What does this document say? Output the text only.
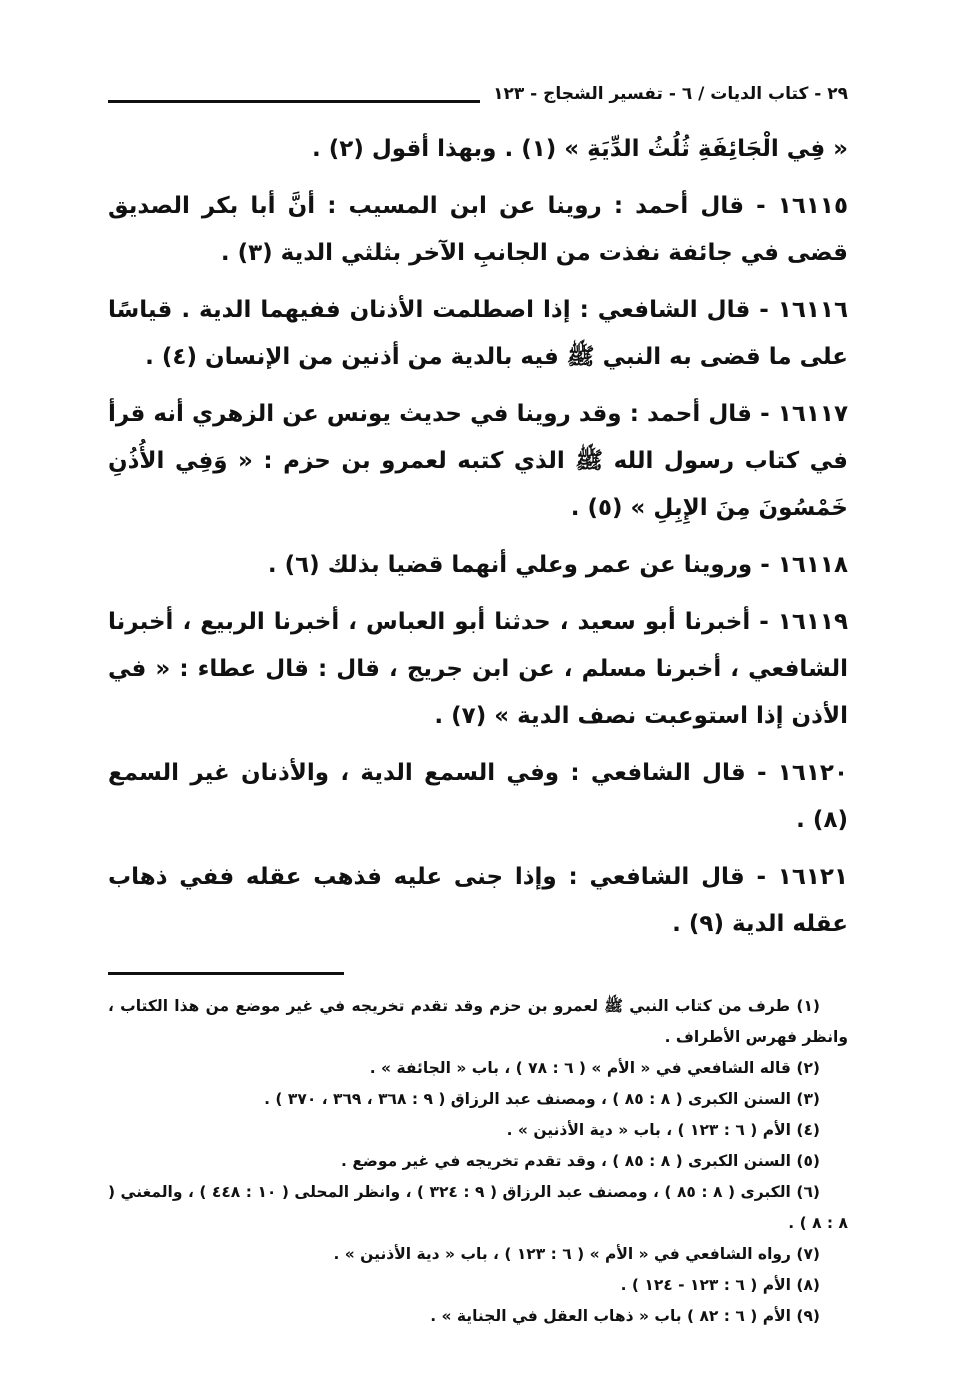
٢٩ - كتاب الديات / ٦ - تفسير الشجاج - ١٢٣

« فِي الْجَائِفَةِ ثُلُثُ الدِّيَةِ » (١) . وبهذا أقول (٢) .

١٦١١٥ - قال أحمد : روينا عن ابن المسيب : أنَّ أبا بكر الصديق قضى في جائفة نفذت من الجانبِ الآخر بثلثي الدية (٣) .

١٦١١٦ - قال الشافعي : إذا اصطلمت الأذنان ففيهما الدية . قياسًا على ما قضى به النبي ﷺ فيه بالدية من أذنين من الإنسان (٤) .

١٦١١٧ - قال أحمد : وقد روينا في حديث يونس عن الزهري أنه قرأ في كتاب رسول الله ﷺ الذي كتبه لعمرو بن حزم : « وَفِي الأُذُنِ خَمْسُونَ مِنَ الإِبِلِ » (٥) .

١٦١١٨ - وروينا عن عمر وعلي أنهما قضيا بذلك (٦) .

١٦١١٩ - أخبرنا أبو سعيد ، حدثنا أبو العباس ، أخبرنا الربيع ، أخبرنا الشافعي ، أخبرنا مسلم ، عن ابن جريج ، قال : قال عطاء : « في الأذن إذا استوعبت نصف الدية » (٧) .

١٦١٢٠ - قال الشافعي : وفي السمع الدية ، والأذنان غير السمع (٨) .

١٦١٢١ - قال الشافعي : وإذا جنى عليه فذهب عقله ففي ذهاب عقله الدية (٩) .

(١) طرف من كتاب النبي ﷺ لعمرو بن حزم وقد تقدم تخريجه في غير موضع من هذا الكتاب ، وانظر فهرس الأطراف .
(٢) قاله الشافعي في « الأم » ( ٦ : ٧٨ ) ، باب « الجائفة » .
(٣) السنن الكبرى ( ٨ : ٨٥ ) ، ومصنف عبد الرزاق ( ٩ : ٣٦٨ ، ٣٦٩ ، ٣٧٠ ) .
(٤) الأم ( ٦ : ١٢٣ ) ، باب « دية الأذنين » .
(٥) السنن الكبرى ( ٨ : ٨٥ ) ، وقد تقدم تخريجه في غير موضع .
(٦) الكبرى ( ٨ : ٨٥ ) ، ومصنف عبد الرزاق ( ٩ : ٣٢٤ ) ، وانظر المحلى ( ١٠ : ٤٤٨ ) ، والمغني ( ٨ : ٨ ) .
(٧) رواه الشافعي في « الأم » ( ٦ : ١٢٣ ) ، باب « دية الأذنين » .
(٨) الأم ( ٦ : ١٢٣ - ١٢٤ ) .
(٩) الأم ( ٦ : ٨٢ ) باب « ذهاب العقل في الجناية » .
